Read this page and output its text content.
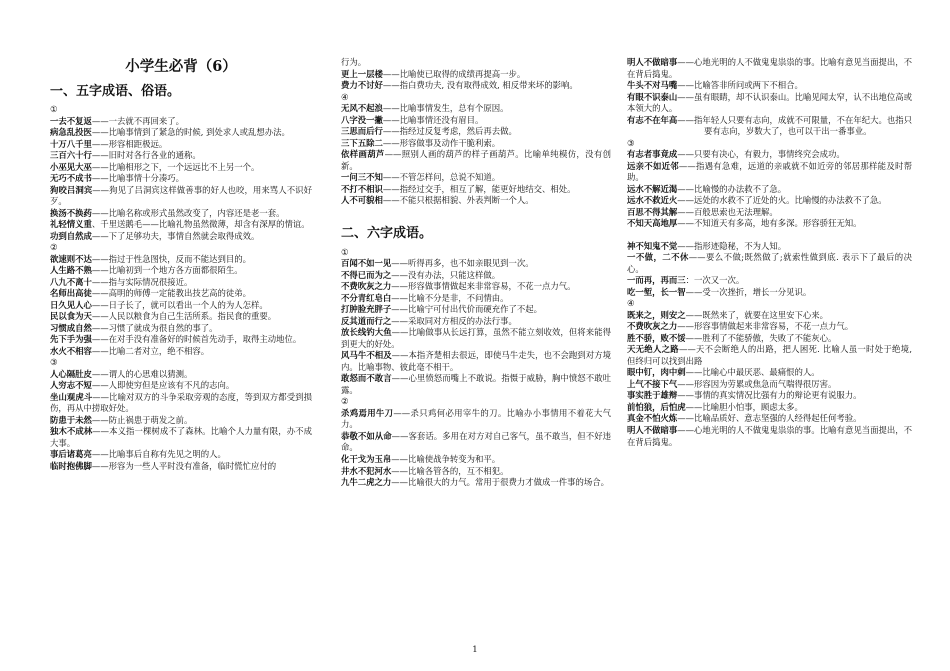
小学生必背（6）
一、五字成语、俗语。

①

一去不复返——一去就不再回来了。

病急乱投医——比喻事情到了紧急的时候, 到处求人或乱想办法。

十万八千里——形容相距极远。

三百六十行——旧时对各行各业的通称。

小巫见大巫——比喻相形之下，一个远远比不上另一个。

无巧不成书——比喻事情十分凑巧。

狗咬吕洞宾——狗见了吕洞宾这样做善事的好人也咬，用来骂人不识好歹。

换汤不换药——比喻名称或形式虽然改变了，内容还是老一套。

礼轻情义重、千里送鹅毛——比喻礼物虽然微薄，却含有深厚的情谊。

功到自然成——下了足够功夫，事情自然就会取得成效。

②

欲速则不达——指过于性急图快，反而不能达到目的。

人生路不熟——比喻初到一个地方各方面都很陌生。

八九不离十——指与实际情况很接近。

名师出高徒——高明的师傅一定能教出技艺高的徒弟。

日久见人心——日子长了，就可以看出一个人的为人怎样。

民以食为天——人民以粮食为自己生活所系。指民食的重要。

习惯成自然——习惯了就成为很自然的事了。

先下手为强——在对手没有准备好的时候首先动手，取得主动地位。

水火不相容——比喻二者对立，绝不相容。

③

人心隔肚皮——谓人的心思难以猜测。

人穷志不短——人即使穷但是应该有不凡的志向。

坐山观虎斗——比喻对双方的斗争采取旁观的态度，等到双方都受到损伤，再从中捞取好处。

防患于未然——防止祸患于萌发之前。

独木不成林——本义指一棵树成不了森林。比喻个人力量有限，办不成大事。

事后诸葛亮——比喻事后自称有先见之明的人。

临时抱佛脚——形容为一些人平时没有准备，临时慌忙应付的

行为。

更上一层楼——比喻使已取得的成绩再提高一步。

费力不讨好——指白费功夫, 没有取得成效, 相反带来坏的影响。

④

无风不起浪——比喻事情发生，总有个原因。

八字没一撇——比喻事情还没有眉目。

三思而后行——指经过反复考虑，然后再去做。

三下五除二——形容做事及动作干脆利索。

依样画葫芦——照别人画的葫芦的样子画葫芦。比喻单纯模仿，没有创新。

一问三不知——不管怎样问，总说不知道。

不打不相识——指经过交手，相互了解，能更好地结交、相处。

人不可貌相——不能只根据相貌、外表判断一个人。

二、六字成语。

①

百闻不如一见——听得再多，也不如亲眼见到一次。

不得已而为之——没有办法，只能这样做。

不费吹灰之力——形容做事情做起来非常容易，不花一点力气。

不分青红皂白——比喻不分是非，不问情由。

打肿脸充胖子——比喻宁可付出代价而硬充作了不起。

反其道而行之——采取同对方相反的办法行事。

放长线钓大鱼——比喻做事从长远打算，虽然不能立刻收效，但将来能得到更大的好处。

风马牛不相及——本指齐楚相去很远，即使马牛走失，也不会跑到对方境内。比喻事物、彼此毫不相干。

敢怒而不敢言——心里愤怒而嘴上不敢说。指慑于威胁，胸中愤怒不敢吐露。

②

杀鸡焉用牛刀——杀只鸡何必用宰牛的刀。比喻办小事情用不着花大气力。

恭敬不如从命——客套话。多用在对方对自己客气，虽不敢当，但不好违命。

化干戈为玉帛——比喻使战争转变为和平。

井水不犯河水——比喻各管各的，互不相犯。

九牛二虎之力——比喻很大的力气。常用于很费力才做成一件事的场合。

明人不做暗事——心地光明的人不做鬼鬼祟祟的事。比喻有意见当面提出，不在背后捣鬼。

牛头不对马嘴——比喻答非所问或两下不相合。

有眼不识泰山——虽有眼睛，却不认识泰山。比喻见闻太窄，认不出地位高或本领大的人。

有志不在年高——指年轻人只要有志向，成就不可限量，不在年纪大。也指只要有志向，岁数大了，也可以干出一番事业。

③

有志者事竟成——只要有决心，有毅力，事情终究会成功。

远亲不如近邻——指遇有急难，远道的亲戚就不如近旁的邻居那样能及时帮助。

远水不解近渴——比喻慢的办法救不了急。

远水不救近火——远处的水救不了近处的火。比喻慢的办法救不了急。

百思不得其解——百般思索也无法理解。

不知天高地厚——不知道天有多高，地有多深。形容骄狂无知。

神不知鬼不觉——指形迹隐秘，不为人知。

一不做，二不休——要么不做;既然做了;就索性做到底. 表示下了最后的决心。

一而再，再而三：一次又一次。

吃一堑，长一智——受一次挫折，增长一分见识。

④

既来之，则安之——既然来了，就要在这里安下心来。

不费吹灰之力——形容事情做起来非常容易，不花一点力气。

胜不骄，败不馁——胜利了不能骄傲，失败了不能灰心。

天无绝人之路——天不会断绝人的出路，把人困死. 比喻人虽一时处于绝境, 但终归可以找到出路

眼中钉，肉中刺——比喻心中最厌恶、最痛恨的人。

上气不接下气——形容因为劳累或焦急而气喘得很厉害。

事实胜于雄辩——事情的真实情况比强有力的辩论更有说服力。

前怕狼，后怕虎——比喻胆小怕事，顾虑太多。

真金不怕火炼——比喻品质好、意志坚强的人经得起任何考验。

明人不做暗事——心地光明的人不做鬼鬼祟祟的事。比喻有意见当面提出，不在背后捣鬼。

1
